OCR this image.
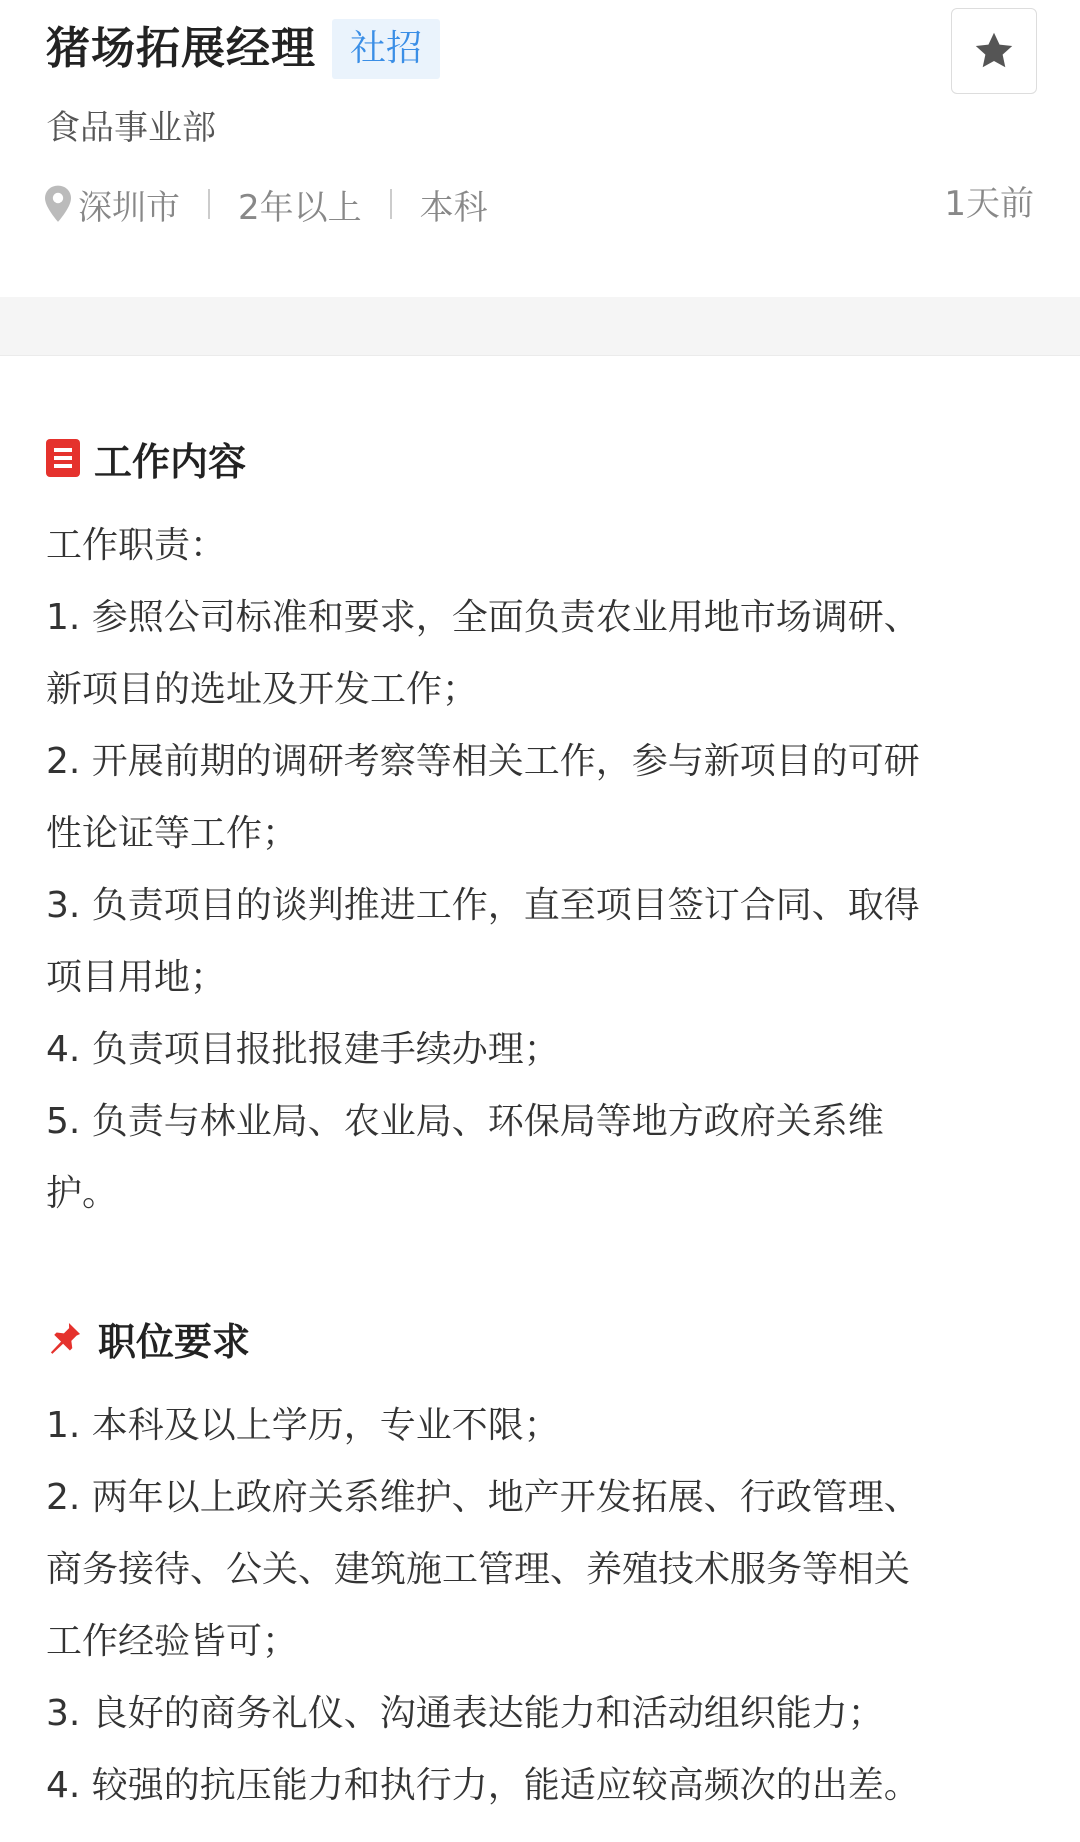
猪场拓展经理 社招
食品事业部
深圳市 2年以上 本科	1天前
工作内容
工作职责：
1. 参照公司标准和要求，全面负责农业用地市场调研、
新项目的选址及开发工作；
2. 开展前期的调研考察等相关工作，参与新项目的可研
性论证等工作；
3. 负责项目的谈判推进工作，直至项目签订合同、取得
项目用地；
4. 负责项目报批报建手续办理；
5. 负责与林业局、农业局、环保局等地方政府关系维
护。
职位要求
1. 本科及以上学历，专业不限；
2. 两年以上政府关系维护、地产开发拓展、行政管理、
商务接待、公关、建筑施工管理、养殖技术服务等相关
工作经验皆可；
3. 良好的商务礼仪、沟通表达能力和活动组织能力；
4. 较强的抗压能力和执行力，能适应较高频次的出差。
